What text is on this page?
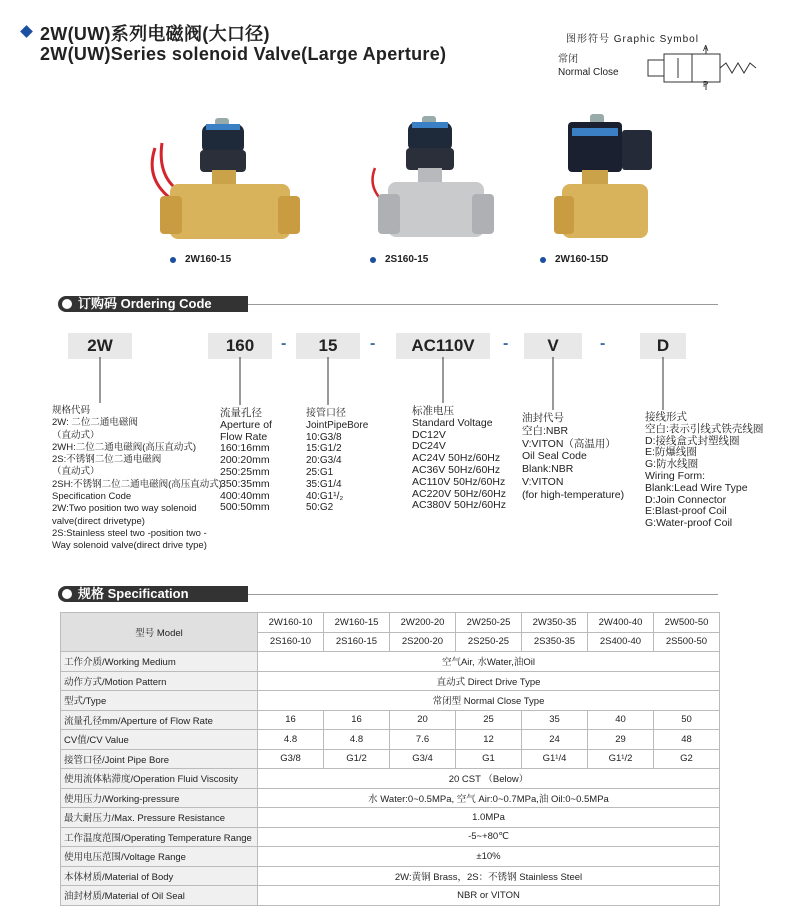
2W(UW)系列电磁阀(大口径)
2W(UW)Series solenoid Valve(Large Aperture)
图形符号 Graphic Symbol
常闭
Normal Close
A
P
2W160-15	2S160-15	2W160-15D
订购码 Ordering Code
2W	160	-	15	-	AC110V	-	V	-	D
规格代码
2W: 二位二通电磁阀
（直动式）
2WH:二位二通电磁阀(高压直动式)
2S:不锈钢二位二通电磁阀
（直动式）
2SH:不锈钢二位二通电磁阀(高压直动式)
Specification Code
2W:Two position two way solenoid
valve(direct drivetype)
2S:Stainless steel two -position two -
Way solenoid valve(direct drive type)
流量孔径
Aperture of
Flow Rate
160:16mm
200:20mm
250:25mm
350:35mm
400:40mm
500:50mm
接管口径
JointPipeBore
10:G3/8
15:G1/2
20:G3/4
25:G1
35:G1/4
40:G1¹/₂
50:G2
标准电压
Standard Voltage
DC12V
DC24V
AC24V 50Hz/60Hz
AC36V 50Hz/60Hz
AC110V 50Hz/60Hz
AC220V 50Hz/60Hz
AC380V 50Hz/60Hz
油封代号
空白:NBR
V:VITON（高温用）
Oil Seal Code
Blank:NBR
V:VITON
(for high-temperature)
接线形式
空白:表示引线式铁壳线圈
D:接线盒式封塑线圈
E:防爆线圈
G:防水线圈
Wiring Form:
Blank:Lead Wire Type
D:Join Connector
E:Blast-proof Coil
G:Water-proof Coil
规格 Specification
型号 Model	2W160-10	2W160-15	2W200-20	2W250-25	2W350-35	2W400-40	2W500-50
	2S160-10	2S160-15	2S200-20	2S250-25	2S350-35	2S400-40	2S500-50
工作介质/Working Medium	空气Air, 水Water,油Oil						
动作方式/Motion Pattern	直动式 Direct Drive Type						
型式/Type	常闭型 Normal Close Type						
流量孔径mm/Aperture of Flow Rate	16	16	20	25	35	40	50
CV值/CV Value	4.8	4.8	7.6	12	24	29	48
接管口径/Joint Pipe Bore	G3/8	G1/2	G3/4	G1	G1¹/4	G1¹/2	G2
使用流体粘滞度/Operation Fluid Viscosity	20 CST （Below）						
使用压力/Working-pressure	水 Water:0~0.5MPa, 空气 Air:0~0.7MPa,油 Oil:0~0.5MPa						
最大耐压力/Max. Pressure Resistance	1.0MPa						
工作温度范围/Operating Temperature Range	-5~+80℃						
使用电压范围/Voltage Range	±10%						
本体材质/Material of Body	2W:黄铜 Brass，2S：不锈钢 Stainless Steel						
油封材质/Material of Oil Seal	NBR or VITON						
